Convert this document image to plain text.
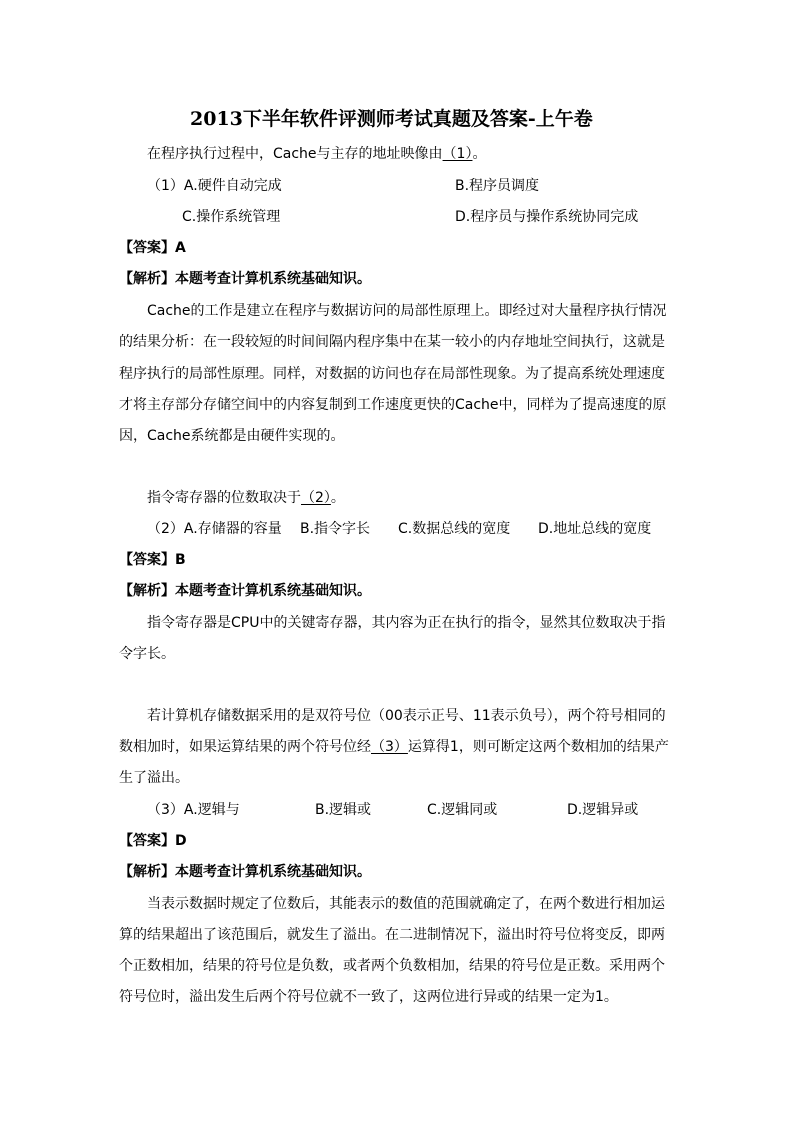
2013下半年软件评测师考试真题及答案-上午卷
在程序执行过程中，Cache与主存的地址映像由（1）。
（1）A.硬件自动完成	B.程序员调度
C.操作系统管理	D.程序员与操作系统协同完成
【答案】A
【解析】本题考查计算机系统基础知识。
Cache的工作是建立在程序与数据访问的局部性原理上。即经过对大量程序执行情况
的结果分析：在一段较短的时间间隔内程序集中在某一较小的内存地址空间执行，这就是
程序执行的局部性原理。同样，对数据的访问也存在局部性现象。为了提高系统处理速度
才将主存部分存储空间中的内容复制到工作速度更快的Cache中，同样为了提高速度的原
因，Cache系统都是由硬件实现的。
指令寄存器的位数取决于（2）。
（2）A.存储器的容量 B.指令字长 C.数据总线的宽度 D.地址总线的宽度
【答案】B
【解析】本题考查计算机系统基础知识。
指令寄存器是CPU中的关键寄存器，其内容为正在执行的指令，显然其位数取决于指
令字长。
若计算机存储数据采用的是双符号位（00表示正号、11表示负号），两个符号相同的
数相加时，如果运算结果的两个符号位经（3）运算得1，则可断定这两个数相加的结果产
生了溢出。
（3）A.逻辑与	B.逻辑或	C.逻辑同或	D.逻辑异或
【答案】D
【解析】本题考查计算机系统基础知识。
当表示数据时规定了位数后，其能表示的数值的范围就确定了，在两个数进行相加运
算的结果超出了该范围后，就发生了溢出。在二进制情况下，溢出时符号位将变反，即两
个正数相加，结果的符号位是负数，或者两个负数相加，结果的符号位是正数。采用两个
符号位时，溢出发生后两个符号位就不一致了，这两位进行异或的结果一定为1。
